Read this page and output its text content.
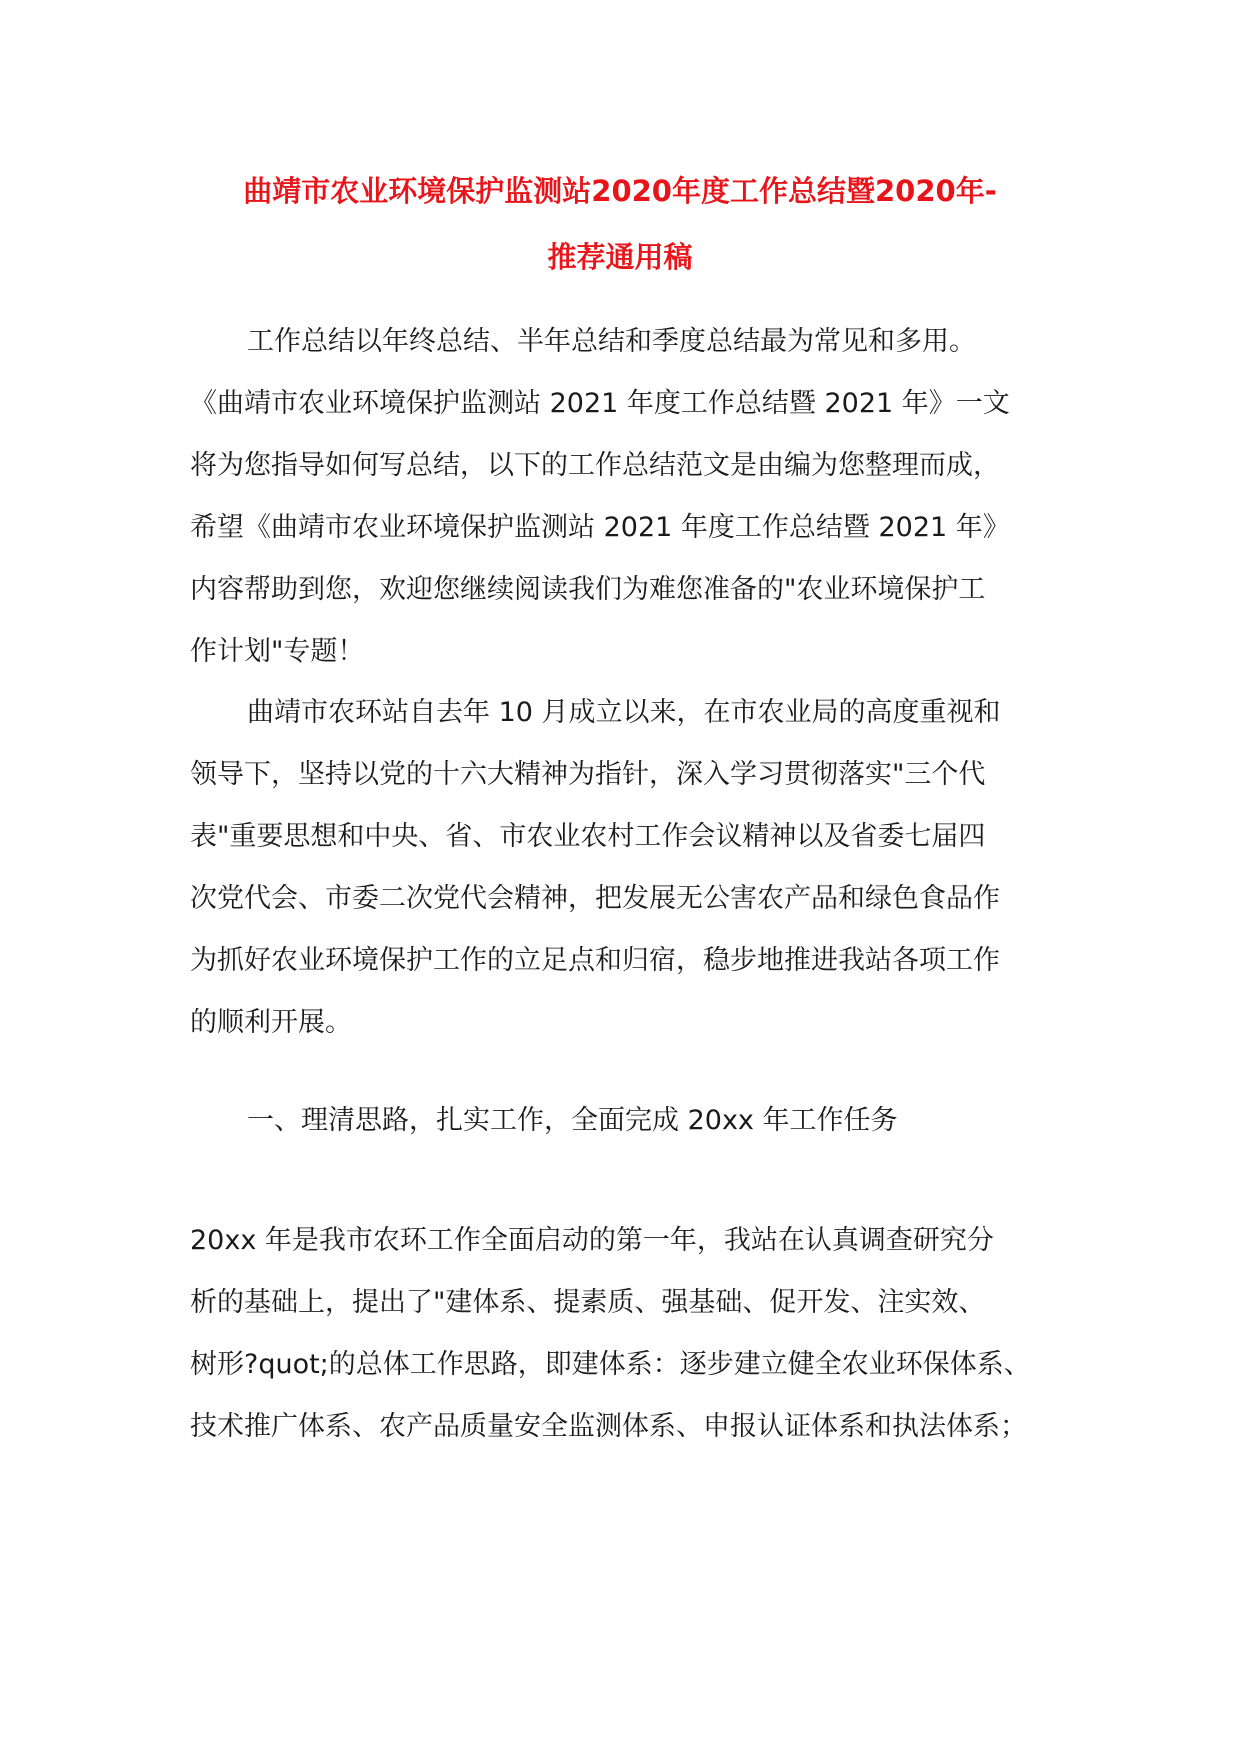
曲靖市农业环境保护监测站2020年度工作总结暨2020年-
推荐通用稿
工作总结以年终总结、半年总结和季度总结最为常见和多用。
《曲靖市农业环境保护监测站 2021 年度工作总结暨 2021 年》一文
将为您指导如何写总结，以下的工作总结范文是由编为您整理而成，
希望《曲靖市农业环境保护监测站 2021 年度工作总结暨 2021 年》
内容帮助到您，欢迎您继续阅读我们为难您准备的"农业环境保护工
作计划"专题！
曲靖市农环站自去年 10 月成立以来，在市农业局的高度重视和
领导下，坚持以党的十六大精神为指针，深入学习贯彻落实"三个代
表"重要思想和中央、省、市农业农村工作会议精神以及省委七届四
次党代会、市委二次党代会精神，把发展无公害农产品和绿色食品作
为抓好农业环境保护工作的立足点和归宿，稳步地推进我站各项工作
的顺利开展。
一、理清思路，扎实工作，全面完成 20xx 年工作任务
20xx 年是我市农环工作全面启动的第一年，我站在认真调查研究分
析的基础上，提出了"建体系、提素质、强基础、促开发、注实效、
树形?quot;的总体工作思路，即建体系：逐步建立健全农业环保体系、
技术推广体系、农产品质量安全监测体系、申报认证体系和执法体系；
